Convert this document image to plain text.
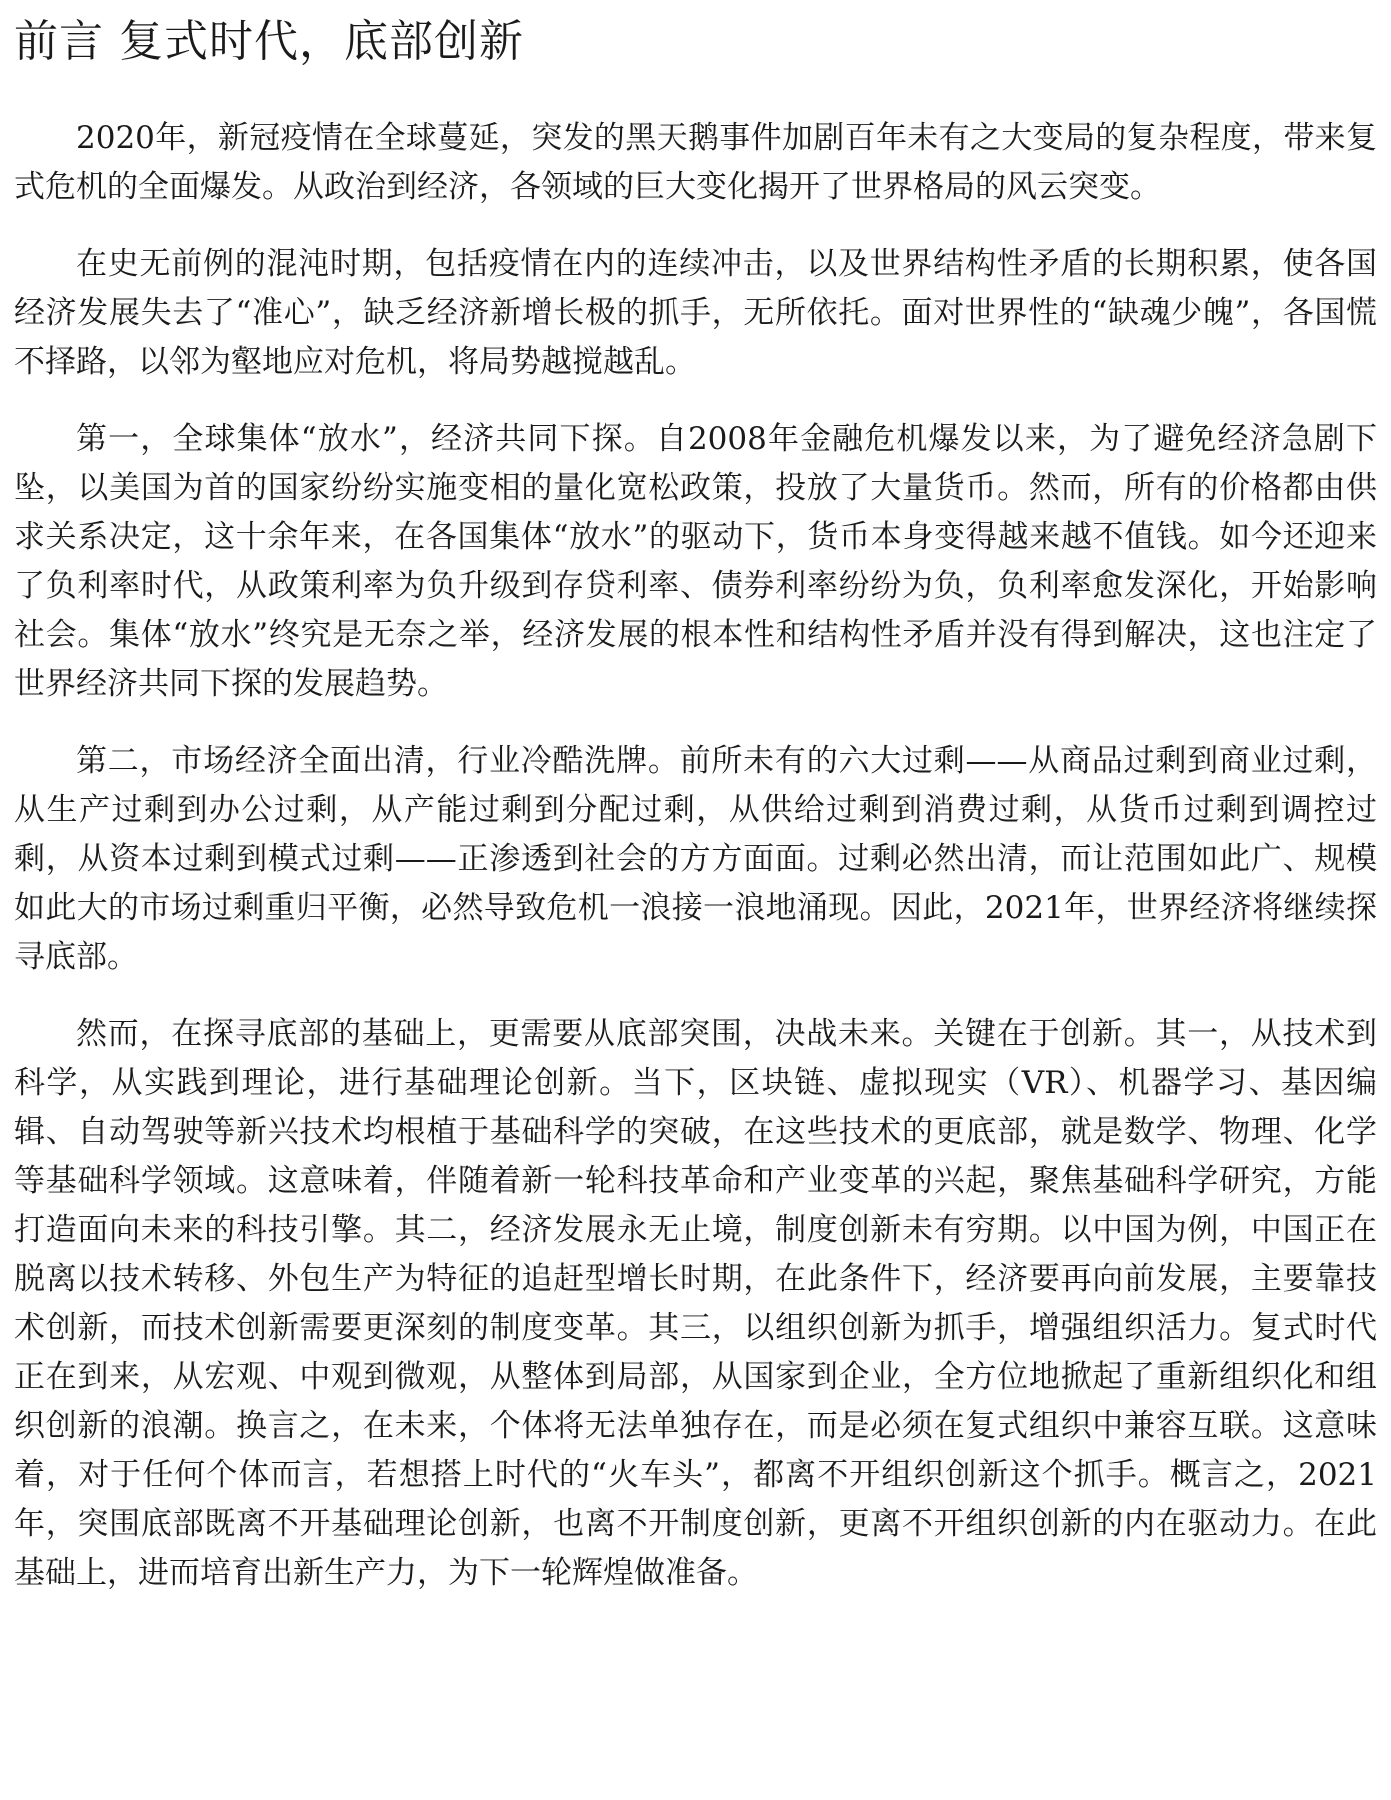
前言 复式时代，底部创新

2020年，新冠疫情在全球蔓延，突发的黑天鹅事件加剧百年未有之大变局的复杂程度，带来复式危机的全面爆发。从政治到经济，各领域的巨大变化揭开了世界格局的风云突变。

在史无前例的混沌时期，包括疫情在内的连续冲击，以及世界结构性矛盾的长期积累，使各国经济发展失去了“准心”，缺乏经济新增长极的抓手，无所依托。面对世界性的“缺魂少魄”，各国慌不择路，以邻为壑地应对危机，将局势越搅越乱。

第一，全球集体“放水”，经济共同下探。自2008年金融危机爆发以来，为了避免经济急剧下坠，以美国为首的国家纷纷实施变相的量化宽松政策，投放了大量货币。然而，所有的价格都由供求关系决定，这十余年来，在各国集体“放水”的驱动下，货币本身变得越来越不值钱。如今还迎来了负利率时代，从政策利率为负升级到存贷利率、债券利率纷纷为负，负利率愈发深化，开始影响社会。集体“放水”终究是无奈之举，经济发展的根本性和结构性矛盾并没有得到解决，这也注定了世界经济共同下探的发展趋势。

第二，市场经济全面出清，行业冷酷洗牌。前所未有的六大过剩——从商品过剩到商业过剩，从生产过剩到办公过剩，从产能过剩到分配过剩，从供给过剩到消费过剩，从货币过剩到调控过剩，从资本过剩到模式过剩——正渗透到社会的方方面面。过剩必然出清，而让范围如此广、规模如此大的市场过剩重归平衡，必然导致危机一浪接一浪地涌现。因此，2021年，世界经济将继续探寻底部。

然而，在探寻底部的基础上，更需要从底部突围，决战未来。关键在于创新。其一，从技术到科学，从实践到理论，进行基础理论创新。当下，区块链、虚拟现实（VR）、机器学习、基因编辑、自动驾驶等新兴技术均根植于基础科学的突破，在这些技术的更底部，就是数学、物理、化学等基础科学领域。这意味着，伴随着新一轮科技革命和产业变革的兴起，聚焦基础科学研究，方能打造面向未来的科技引擎。其二，经济发展永无止境，制度创新未有穷期。以中国为例，中国正在脱离以技术转移、外包生产为特征的追赶型增长时期，在此条件下，经济要再向前发展，主要靠技术创新，而技术创新需要更深刻的制度变革。其三，以组织创新为抓手，增强组织活力。复式时代正在到来，从宏观、中观到微观，从整体到局部，从国家到企业，全方位地掀起了重新组织化和组织创新的浪潮。换言之，在未来，个体将无法单独存在，而是必须在复式组织中兼容互联。这意味着，对于任何个体而言，若想搭上时代的“火车头”，都离不开组织创新这个抓手。概言之，2021年，突围底部既离不开基础理论创新，也离不开制度创新，更离不开组织创新的内在驱动力。在此基础上，进而培育出新生产力，为下一轮辉煌做准备。
